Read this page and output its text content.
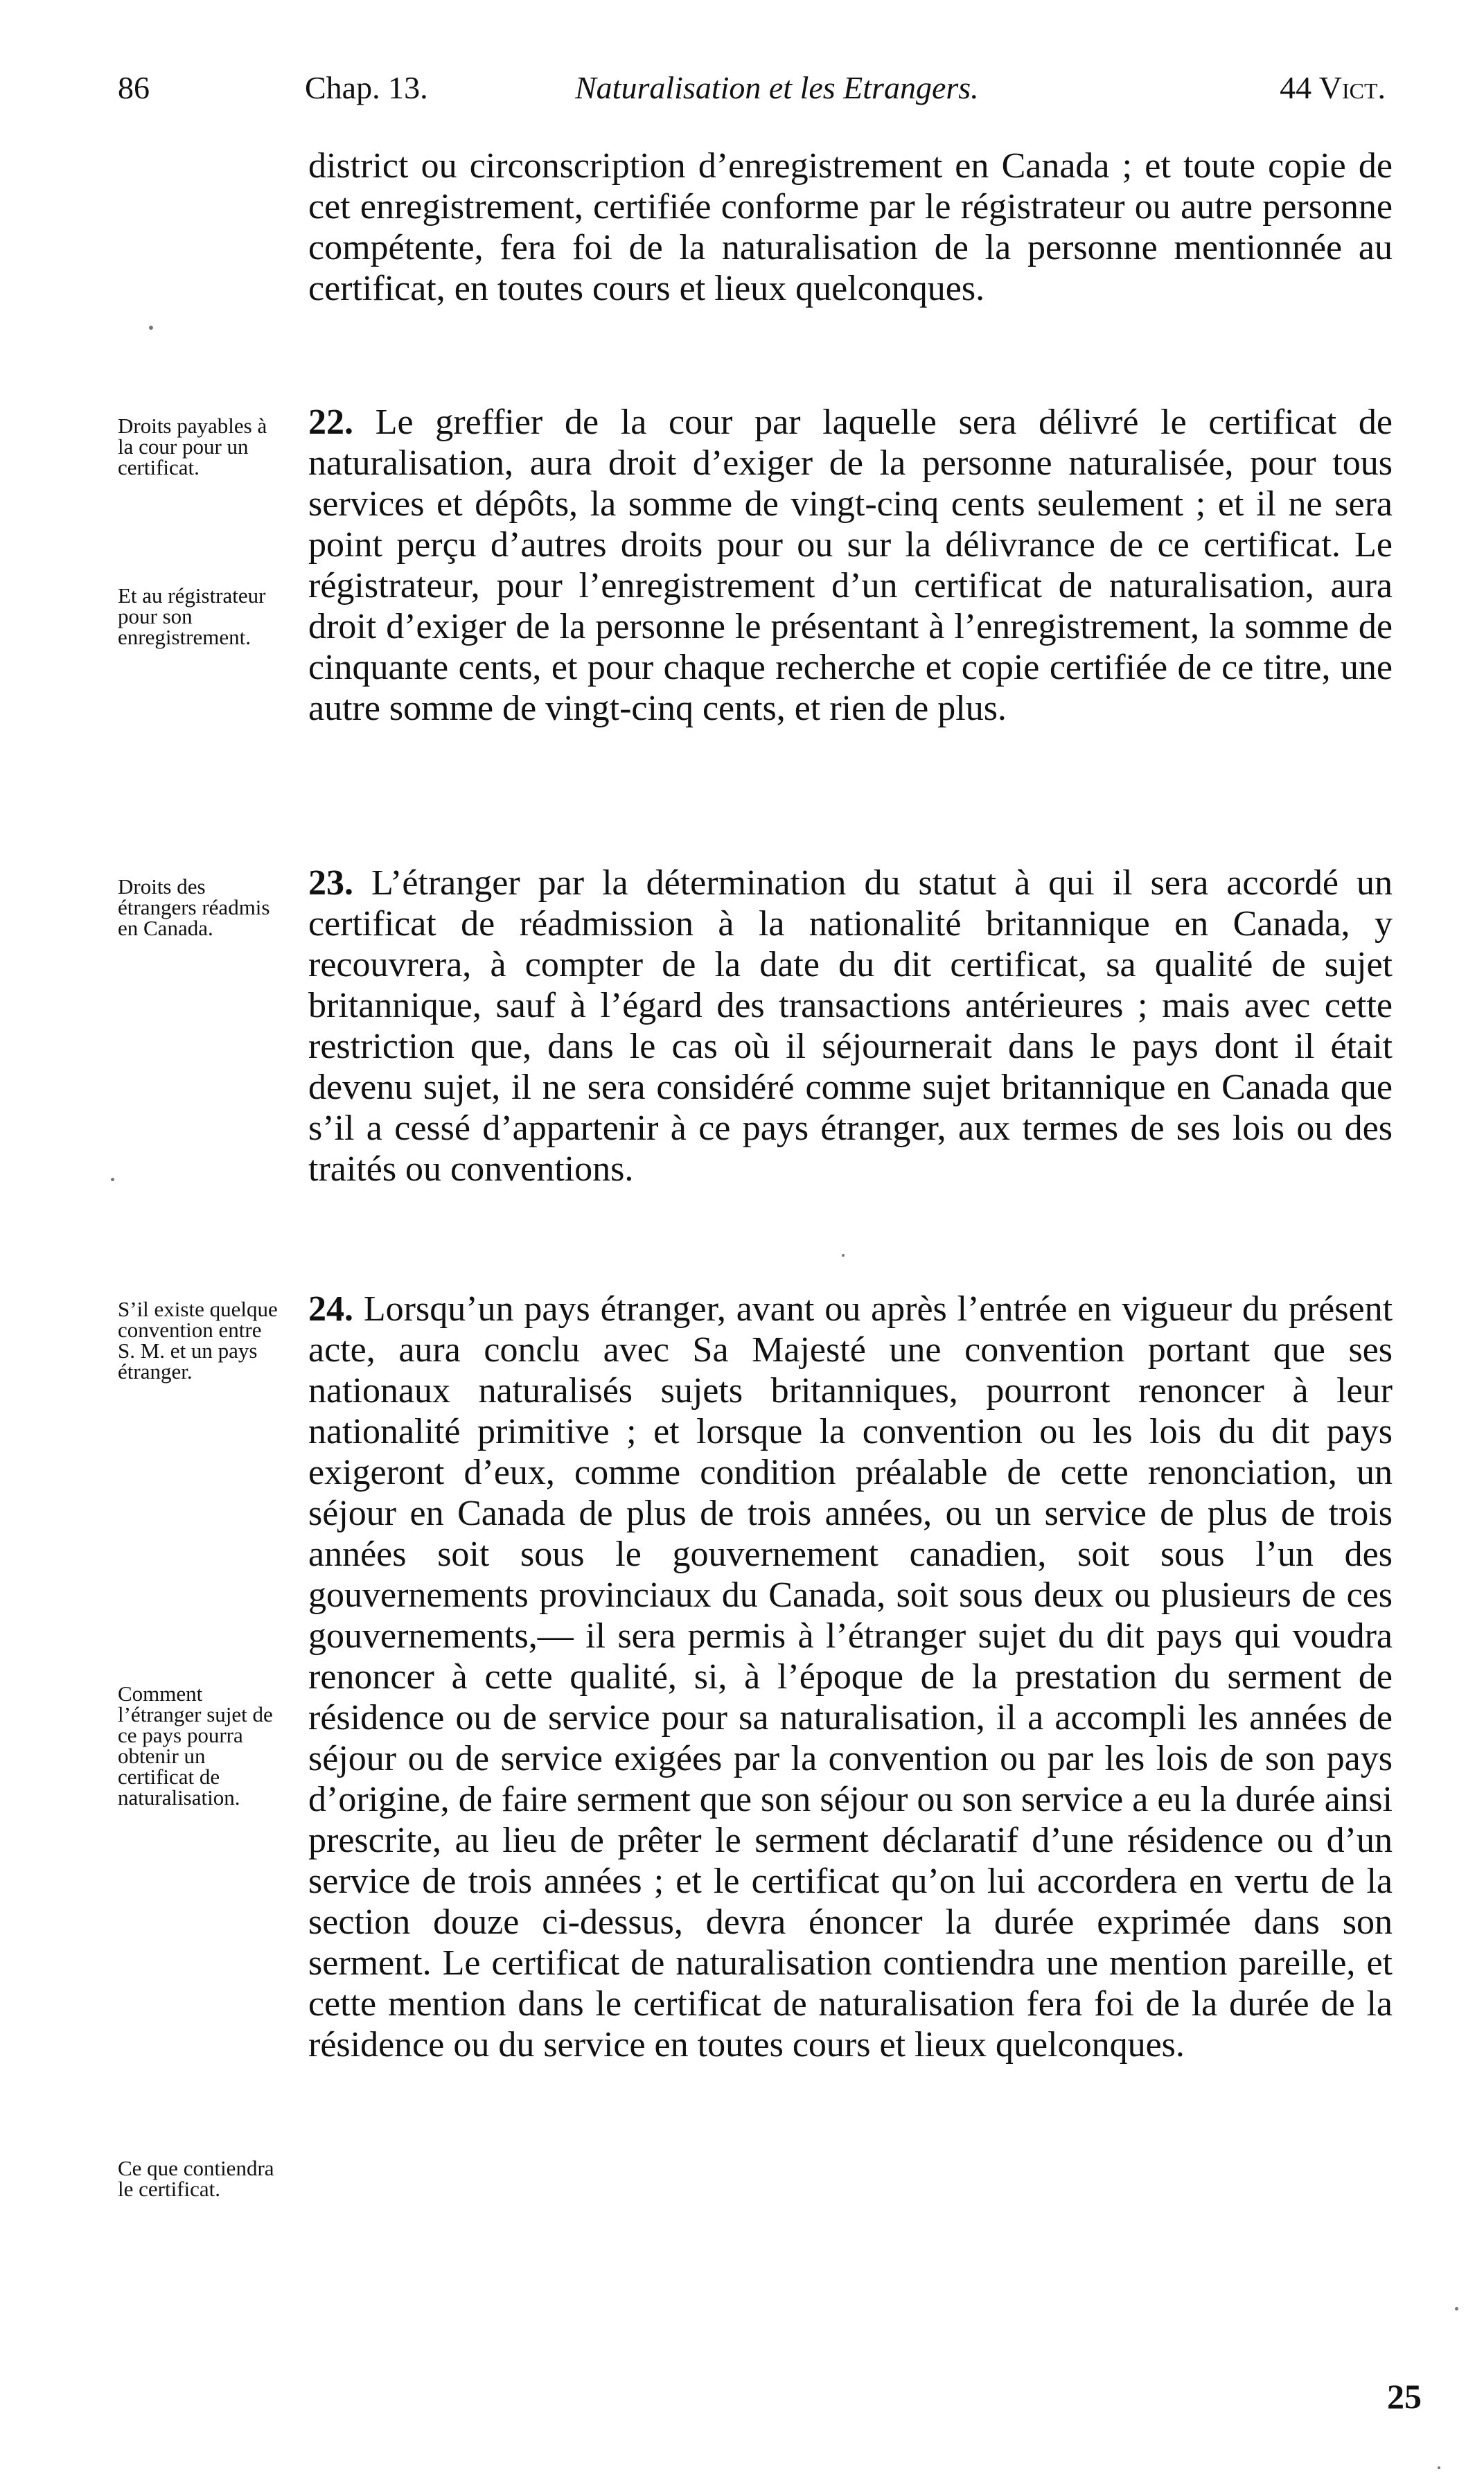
86	Chap. 13.	Naturalisation et les Etrangers.	44 Vict.

district ou circonscription d’enregistrement en Canada ; et toute copie de cet enregistrement, certifiée conforme par le régistrateur ou autre personne compétente, fera foi de la naturalisation de la personne mentionnée au certificat, en toutes cours et lieux quelconques.

22. Le greffier de la cour par laquelle sera délivré le certificat de naturalisation, aura droit d’exiger de la personne naturalisée, pour tous services et dépôts, la somme de vingt-cinq cents seulement ; et il ne sera point perçu d’autres droits pour ou sur la délivrance de ce certificat. Le régistrateur, pour l’enregistrement d’un certificat de naturalisation, aura droit d’exiger de la personne le présentant à l’enregistrement, la somme de cinquante cents, et pour chaque recherche et copie certifiée de ce titre, une autre somme de vingt-cinq cents, et rien de plus.

23. L’étranger par la détermination du statut à qui il sera accordé un certificat de réadmission à la nationalité britannique en Canada, y recouvrera, à compter de la date du dit certificat, sa qualité de sujet britannique, sauf à l’égard des transactions antérieures ; mais avec cette restriction que, dans le cas où il séjournerait dans le pays dont il était devenu sujet, il ne sera considéré comme sujet britannique en Canada que s’il a cessé d’appartenir à ce pays étranger, aux termes de ses lois ou des traités ou conventions.

24. Lorsqu’un pays étranger, avant ou après l’entrée en vigueur du présent acte, aura conclu avec Sa Majesté une convention portant que ses nationaux naturalisés sujets britanniques, pourront renoncer à leur nationalité primitive ; et lorsque la convention ou les lois du dit pays exigeront d’eux, comme condition préalable de cette renonciation, un séjour en Canada de plus de trois années, ou un service de plus de trois années soit sous le gouvernement canadien, soit sous l’un des gouvernements provinciaux du Canada, soit sous deux ou plusieurs de ces gouvernements,— il sera permis à l’étranger sujet du dit pays qui voudra renoncer à cette qualité, si, à l’époque de la prestation du serment de résidence ou de service pour sa naturalisation, il a accompli les années de séjour ou de service exigées par la convention ou par les lois de son pays d’origine, de faire serment que son séjour ou son service a eu la durée ainsi prescrite, au lieu de prêter le serment déclaratif d’une résidence ou d’un service de trois années ; et le certificat qu’on lui accordera en vertu de la section douze ci-dessus, devra énoncer la durée exprimée dans son serment. Le certificat de naturalisation contiendra une mention pareille, et cette mention dans le certificat de naturalisation fera foi de la durée de la résidence ou du service en toutes cours et lieux quelconques.

Droits payables à la cour pour un certificat.

Et au régistrateur pour son enregistrement.

Droits des étrangers réadmis en Canada.

S’il existe quelque convention entre S. M. et un pays étranger.

Comment l’étranger sujet de ce pays pourra obtenir un certificat de naturalisation.

Ce que contiendra le certificat.

25
